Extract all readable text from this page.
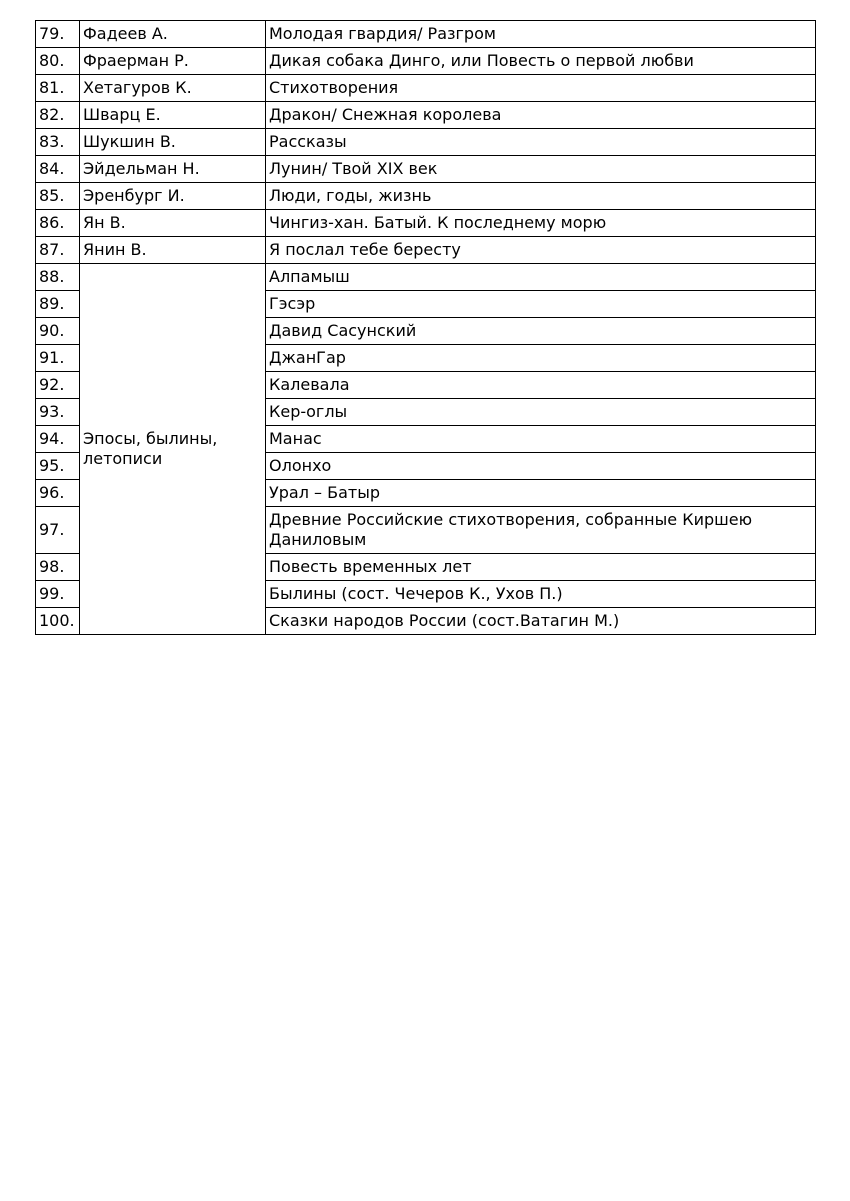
79.	Фадеев А.	Молодая гвардия/ Разгром
80.	Фраерман Р.	Дикая собака Динго, или Повесть о первой любви
81.	Хетагуров К.	Стихотворения
82.	Шварц Е.	Дракон/ Снежная королева
83.	Шукшин В.	Рассказы
84.	Эйдельман Н.	Лунин/ Твой XIX век
85.	Эренбург И.	Люди, годы, жизнь
86.	Ян В.	Чингиз-хан. Батый. К последнему морю
87.	Янин В.	Я послал тебе бересту
88.	Эпосы, былины, летописи	Алпамыш
89.		Гэсэр
90.		Давид Сасунский
91.		ДжанГар
92.		Калевала
93.		Кер-оглы
94.		Манас
95.		Олонхо
96.		Урал – Батыр
97.		Древние Российские стихотворения, собранные Киршею Даниловым
98.		Повесть временных лет
99.		Былины (сост. Чечеров К., Ухов П.)
100.		Сказки народов России (сост.Ватагин М.)
